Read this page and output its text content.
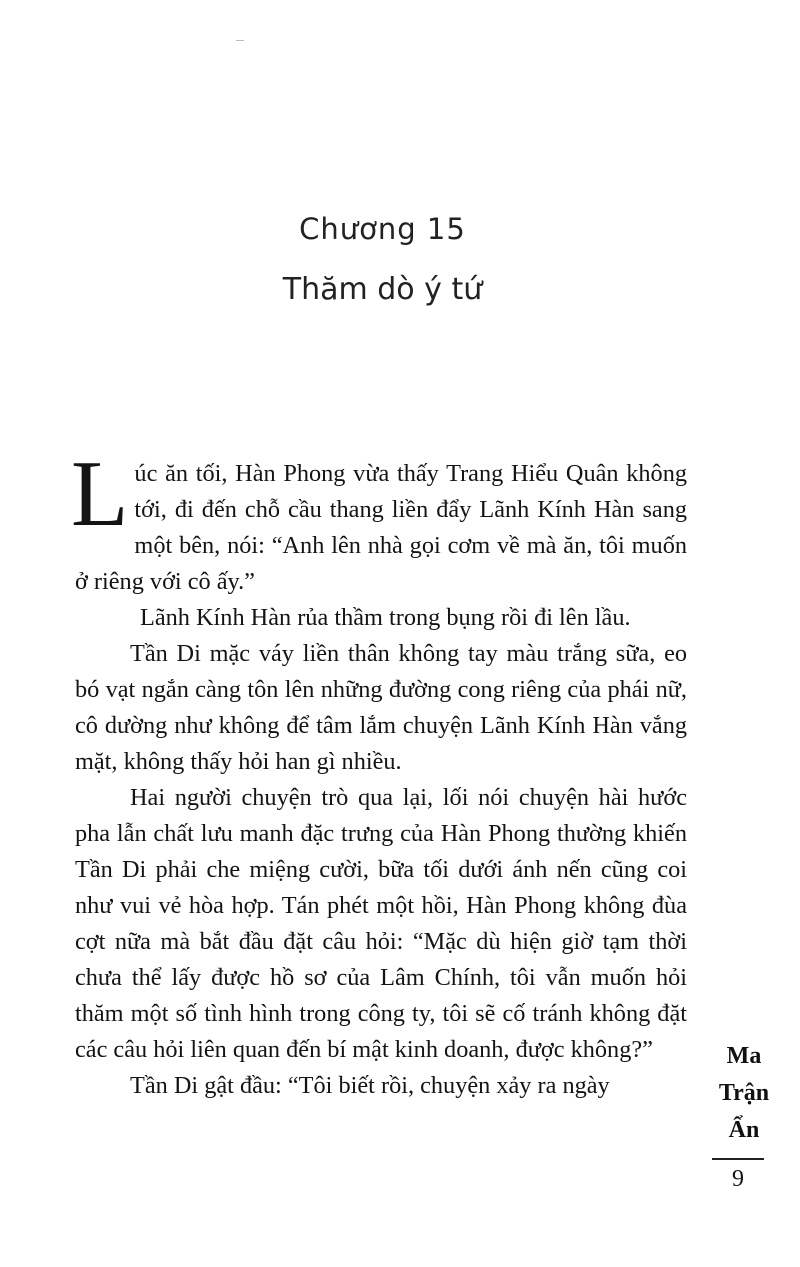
Chương 15
Thăm dò ý tứ

Lúc ăn tối, Hàn Phong vừa thấy Trang Hiểu Quân không tới, đi đến chỗ cầu thang liền đẩy Lãnh Kính Hàn sang một bên, nói: “Anh lên nhà gọi cơm về mà ăn, tôi muốn ở riêng với cô ấy.”

Lãnh Kính Hàn rủa thầm trong bụng rồi đi lên lầu.

Tần Di mặc váy liền thân không tay màu trắng sữa, eo bó vạt ngắn càng tôn lên những đường cong riêng của phái nữ, cô dường như không để tâm lắm chuyện Lãnh Kính Hàn vắng mặt, không thấy hỏi han gì nhiều.

Hai người chuyện trò qua lại, lối nói chuyện hài hước pha lẫn chất lưu manh đặc trưng của Hàn Phong thường khiến Tần Di phải che miệng cười, bữa tối dưới ánh nến cũng coi như vui vẻ hòa hợp. Tán phét một hồi, Hàn Phong không đùa cợt nữa mà bắt đầu đặt câu hỏi: “Mặc dù hiện giờ tạm thời chưa thể lấy được hồ sơ của Lâm Chính, tôi vẫn muốn hỏi thăm một số tình hình trong công ty, tôi sẽ cố tránh không đặt các câu hỏi liên quan đến bí mật kinh doanh, được không?”

Tần Di gật đầu: “Tôi biết rồi, chuyện xảy ra ngày

Ma
Trận
Ẩn
9
